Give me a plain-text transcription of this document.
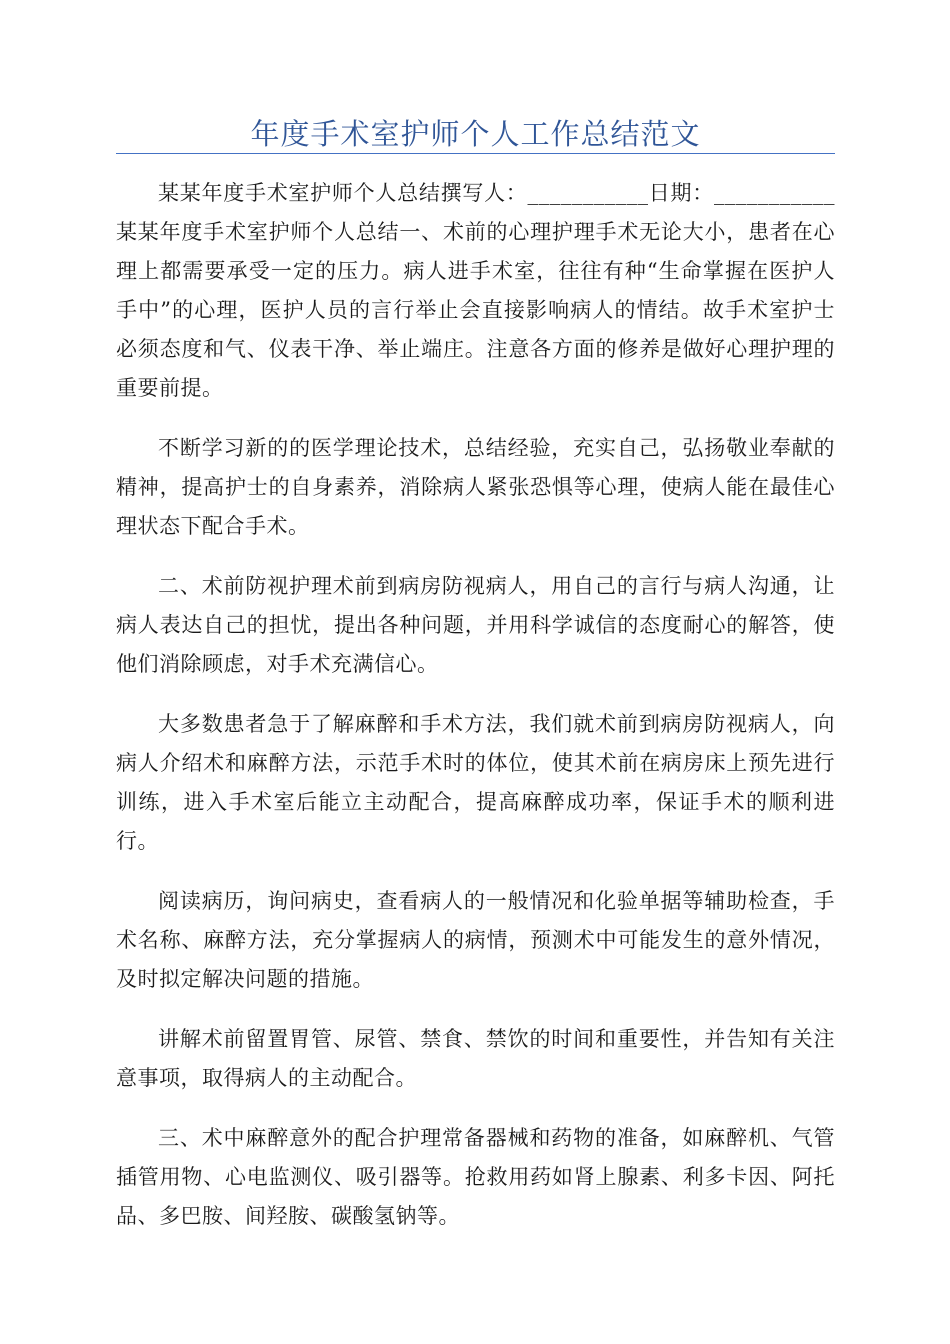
年度手术室护师个人工作总结范文

某某年度手术室护师个人总结撰写人：___________日期：___________某某年度手术室护师个人总结一、术前的心理护理手术无论大小，患者在心理上都需要承受一定的压力。病人进手术室，往往有种“生命掌握在医护人手中”的心理，医护人员的言行举止会直接影响病人的情结。故手术室护士必须态度和气、仪表干净、举止端庄。注意各方面的修养是做好心理护理的重要前提。

不断学习新的的医学理论技术，总结经验，充实自己，弘扬敬业奉献的精神，提高护士的自身素养，消除病人紧张恐惧等心理，使病人能在最佳心理状态下配合手术。

二、术前防视护理术前到病房防视病人，用自己的言行与病人沟通，让病人表达自己的担忧，提出各种问题，并用科学诚信的态度耐心的解答，使他们消除顾虑，对手术充满信心。

大多数患者急于了解麻醉和手术方法，我们就术前到病房防视病人，向病人介绍术和麻醉方法，示范手术时的体位，使其术前在病房床上预先进行训练，进入手术室后能立主动配合，提高麻醉成功率，保证手术的顺利进行。

阅读病历，询问病史，查看病人的一般情况和化验单据等辅助检查，手术名称、麻醉方法，充分掌握病人的病情，预测术中可能发生的意外情况，及时拟定解决问题的措施。

讲解术前留置胃管、尿管、禁食、禁饮的时间和重要性，并告知有关注意事项，取得病人的主动配合。

三、术中麻醉意外的配合护理常备器械和药物的准备，如麻醉机、气管插管用物、心电监测仪、吸引器等。抢救用药如肾上腺素、利多卡因、阿托品、多巴胺、间羟胺、碳酸氢钠等。
